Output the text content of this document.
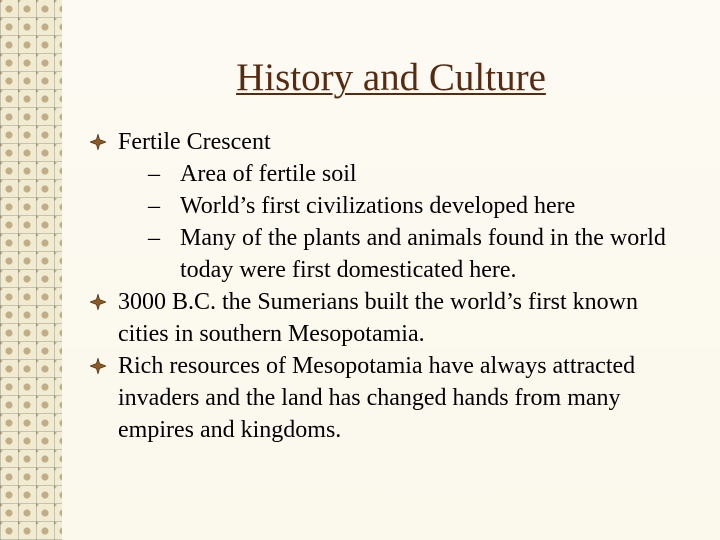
History and Culture
Fertile Crescent
– Area of fertile soil
– World’s first civilizations developed here
– Many of the plants and animals found in the world today were first domesticated here.
3000 B.C. the Sumerians built the world’s first known cities in southern Mesopotamia.
Rich resources of Mesopotamia have always attracted invaders and the land has changed hands from many empires and kingdoms.
